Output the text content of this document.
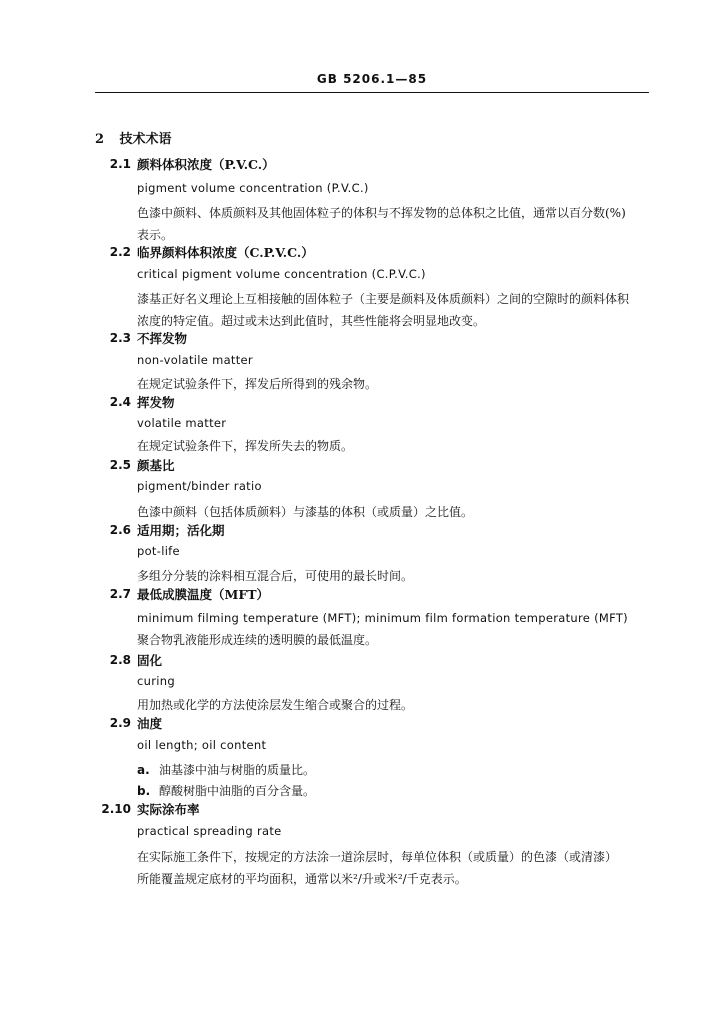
GB 5206.1—85
2 技术术语
2.1 颜料体积浓度（P.V.C.）
pigment volume concentration (P.V.C.)
色漆中颜料、体质颜料及其他固体粒子的体积与不挥发物的总体积之比值，通常以百分数(%)
表示。
2.2 临界颜料体积浓度（C.P.V.C.）
critical pigment volume concentration (C.P.V.C.)
漆基正好名义理论上互相接触的固体粒子（主要是颜料及体质颜料）之间的空隙时的颜料体积
浓度的特定值。超过或未达到此值时，其些性能将会明显地改变。
2.3 不挥发物
non-volatile matter
在规定试验条件下，挥发后所得到的残余物。
2.4 挥发物
volatile matter
在规定试验条件下，挥发所失去的物质。
2.5 颜基比
pigment/binder ratio
色漆中颜料（包括体质颜料）与漆基的体积（或质量）之比值。
2.6 适用期；活化期
pot-life
多组分分装的涂料相互混合后，可使用的最长时间。
2.7 最低成膜温度（MFT）
minimum filming temperature (MFT); minimum film formation temperature (MFT)
聚合物乳液能形成连续的透明膜的最低温度。
2.8 固化
curing
用加热或化学的方法使涂层发生缩合或聚合的过程。
2.9 油度
oil length; oil content
a. 油基漆中油与树脂的质量比。
b. 醇酸树脂中油脂的百分含量。
2.10 实际涂布率
practical spreading rate
在实际施工条件下，按规定的方法涂一道涂层时，每单位体积（或质量）的色漆（或清漆）
所能覆盖规定底材的平均面积，通常以米²/升或米²/千克表示。
